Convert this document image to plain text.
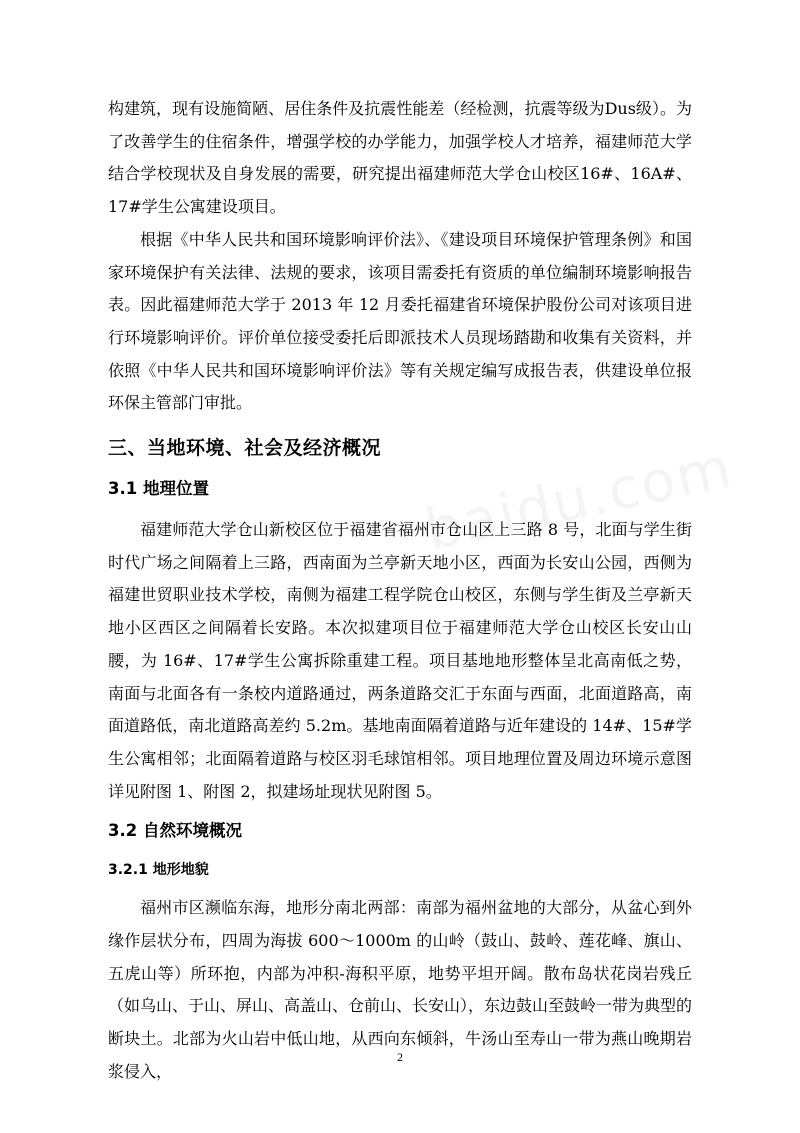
构建筑，现有设施简陋、居住条件及抗震性能差（经检测，抗震等级为Dus级）。为了改善学生的住宿条件，增强学校的办学能力，加强学校人才培养，福建师范大学结合学校现状及自身发展的需要，研究提出福建师范大学仓山校区16#、16A#、17#学生公寓建设项目。

根据《中华人民共和国环境影响评价法》、《建设项目环境保护管理条例》和国家环境保护有关法律、法规的要求，该项目需委托有资质的单位编制环境影响报告表。因此福建师范大学于 2013 年 12 月委托福建省环境保护股份公司对该项目进行环境影响评价。评价单位接受委托后即派技术人员现场踏勘和收集有关资料，并依照《中华人民共和国环境影响评价法》等有关规定编写成报告表，供建设单位报环保主管部门审批。

三、当地环境、社会及经济概况
3.1 地理位置

福建师范大学仓山新校区位于福建省福州市仓山区上三路 8 号，北面与学生街时代广场之间隔着上三路，西南面为兰亭新天地小区，西面为长安山公园，西侧为福建世贸职业技术学校，南侧为福建工程学院仓山校区，东侧与学生街及兰亭新天地小区西区之间隔着长安路。本次拟建项目位于福建师范大学仓山校区长安山山腰，为 16#、17#学生公寓拆除重建工程。项目基地地形整体呈北高南低之势，南面与北面各有一条校内道路通过，两条道路交汇于东面与西面，北面道路高，南面道路低，南北道路高差约 5.2m。基地南面隔着道路与近年建设的 14#、15#学生公寓相邻；北面隔着道路与校区羽毛球馆相邻。项目地理位置及周边环境示意图详见附图 1、附图 2，拟建场址现状见附图 5。

3.2 自然环境概况
3.2.1 地形地貌

福州市区濒临东海，地形分南北两部：南部为福州盆地的大部分，从盆心到外缘作层状分布，四周为海拔 600～1000m 的山岭（鼓山、鼓岭、莲花峰、旗山、五虎山等）所环抱，内部为冲积-海积平原，地势平坦开阔。散布岛状花岗岩残丘（如乌山、于山、屏山、高盖山、仓前山、长安山），东边鼓山至鼓岭一带为典型的断块土。北部为火山岩中低山地，从西向东倾斜，牛汤山至寿山一带为燕山晚期岩浆侵入，

2
